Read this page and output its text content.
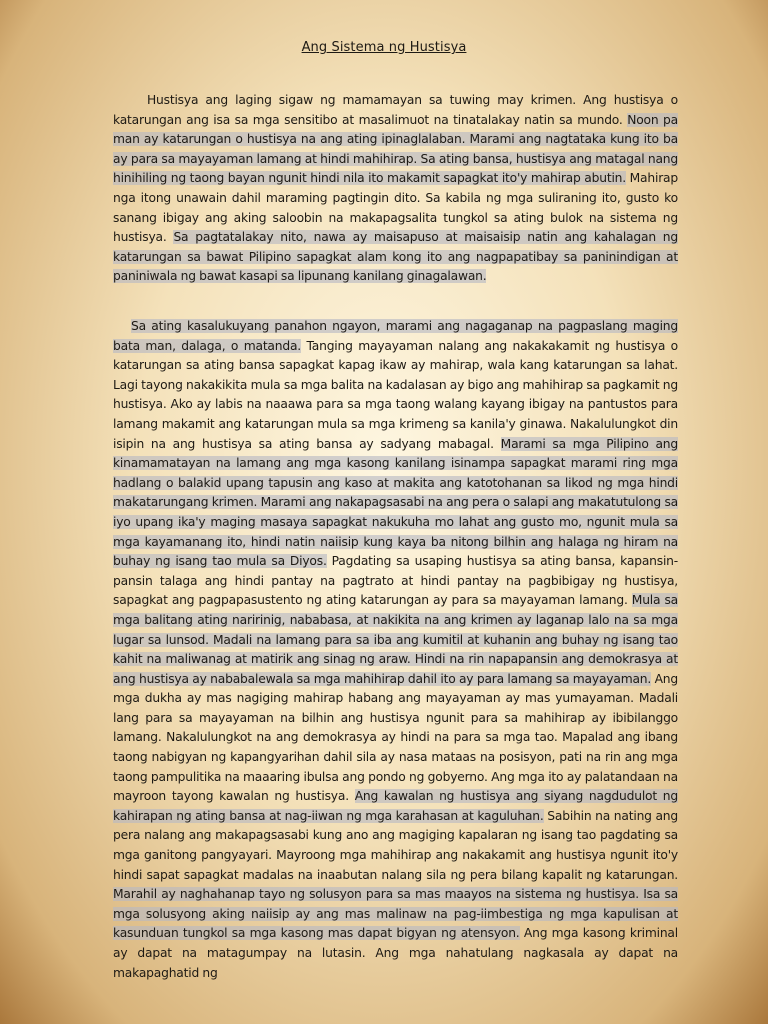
Ang Sistema ng Hustisya
Hustisya ang laging sigaw ng mamamayan sa tuwing may krimen. Ang hustisya o katarungan ang isa sa mga sensitibo at masalimuot na tinatalakay natin sa mundo. Noon pa man ay katarungan o hustisya na ang ating ipinaglalaban. Marami ang nagtataka kung ito ba ay para sa mayayaman lamang at hindi mahihirap. Sa ating bansa, hustisya ang matagal nang hinihiling ng taong bayan ngunit hindi nila ito makamit sapagkat ito'y mahirap abutin. Mahirap nga itong unawain dahil maraming pagtingin dito. Sa kabila ng mga suliraning ito, gusto ko sanang ibigay ang aking saloobin na makapagsalita tungkol sa ating bulok na sistema ng hustisya. Sa pagtatalakay nito, nawa ay maisapuso at maisaisip natin ang kahalagan ng katarungan sa bawat Pilipino sapagkat alam kong ito ang nagpapatibay sa paninindigan at paniniwala ng bawat kasapi sa lipunang kanilang ginagalawan.
Sa ating kasalukuyang panahon ngayon, marami ang nagaganap na pagpaslang maging bata man, dalaga, o matanda. Tanging mayayaman nalang ang nakakakamit ng hustisya o katarungan sa ating bansa sapagkat kapag ikaw ay mahirap, wala kang katarungan sa lahat. Lagi tayong nakakikita mula sa mga balita na kadalasan ay bigo ang mahihirap sa pagkamit ng hustisya. Ako ay labis na naaawa para sa mga taong walang kayang ibigay na pantustos para lamang makamit ang katarungan mula sa mga krimeng sa kanila'y ginawa. Nakalulungkot din isipin na ang hustisya sa ating bansa ay sadyang mabagal. Marami sa mga Pilipino ang kinamamatayan na lamang ang mga kasong kanilang isinampa sapagkat marami ring mga hadlang o balakid upang tapusin ang kaso at makita ang katotohanan sa likod ng mga hindi makatarungang krimen. Marami ang nakapagsasabi na ang pera o salapi ang makatutulong sa iyo upang ika'y maging masaya sapagkat nakukuha mo lahat ang gusto mo, ngunit mula sa mga kayamanang ito, hindi natin naiisip kung kaya ba nitong bilhin ang halaga ng hiram na buhay ng isang tao mula sa Diyos. Pagdating sa usaping hustisya sa ating bansa, kapansin-pansin talaga ang hindi pantay na pagtrato at hindi pantay na pagbibigay ng hustisya, sapagkat ang pagpapasustento ng ating katarungan ay para sa mayayaman lamang. Mula sa mga balitang ating naririnig, nababasa, at nakikita na ang krimen ay laganap lalo na sa mga lugar sa lunsod. Madali na lamang para sa iba ang kumitil at kuhanin ang buhay ng isang tao kahit na maliwanag at matirik ang sinag ng araw. Hindi na rin napapansin ang demokrasya at ang hustisya ay nababalewala sa mga mahihirap dahil ito ay para lamang sa mayayaman. Ang mga dukha ay mas nagiging mahirap habang ang mayayaman ay mas yumayaman. Madali lang para sa mayayaman na bilhin ang hustisya ngunit para sa mahihirap ay ibibilanggo lamang. Nakalulungkot na ang demokrasya ay hindi na para sa mga tao. Mapalad ang ibang taong nabigyan ng kapangyarihan dahil sila ay nasa mataas na posisyon, pati na rin ang mga taong pampulitika na maaaring ibulsa ang pondo ng gobyerno. Ang mga ito ay palatandaan na mayroon tayong kawalan ng hustisya. Ang kawalan ng hustisya ang siyang nagdudulot ng kahirapan ng ating bansa at nag-iiwan ng mga karahasan at kaguluhan. Sabihin na nating ang pera nalang ang makapagsasabi kung ano ang magiging kapalaran ng isang tao pagdating sa mga ganitong pangyayari. Mayroong mga mahihirap ang nakakamit ang hustisya ngunit ito'y hindi sapat sapagkat madalas na inaabutan nalang sila ng pera bilang kapalit ng katarungan. Marahil ay naghahanap tayo ng solusyon para sa mas maayos na sistema ng hustisya. Isa sa mga solusyong aking naiisip ay ang mas malinaw na pag-iimbestiga ng mga kapulisan at kasunduan tungkol sa mga kasong mas dapat bigyan ng atensyon. Ang mga kasong kriminal ay dapat na matagumpay na lutasin. Ang mga nahatulang nagkasala ay dapat na makapaghatid ng
